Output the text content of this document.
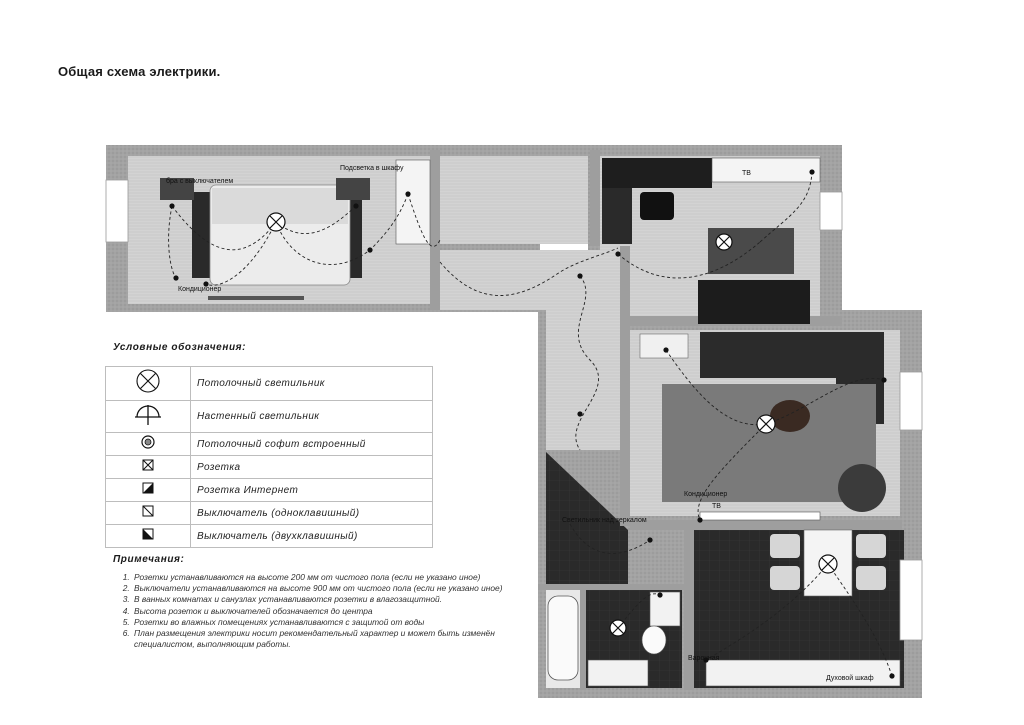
Общая схема электрики.
бра с выключателем
Подсветка в шкафу
Кондиционер
ТВ
ТВ
Кондиционер
Светильник над зеркалом
Варочная
Духовой шкаф
Условные обозначения:
	Потолочный светильник
	Настенный светильник
	Потолочный софит встроенный
	Розетка
	Розетка Интернет
	Выключатель (одноклавишный)
	Выключатель (двухклавишный)
Примечания:
1. Розетки устанавливаются на высоте 200 мм от чистого пола (если не указано иное)
2. Выключатели устанавливаются на высоте 900 мм от чистого пола (если не указано иное)
3. В ванных комнатах и санузлах устанавливаются розетки в влагозащитной.
4. Высота розеток и выключателей обозначается до центра
5. Розетки во влажных помещениях устанавливаются с защитой от воды
6. План размещения электрики носит рекомендательный характер и может быть изменён специалистом, выполняющим работы.
